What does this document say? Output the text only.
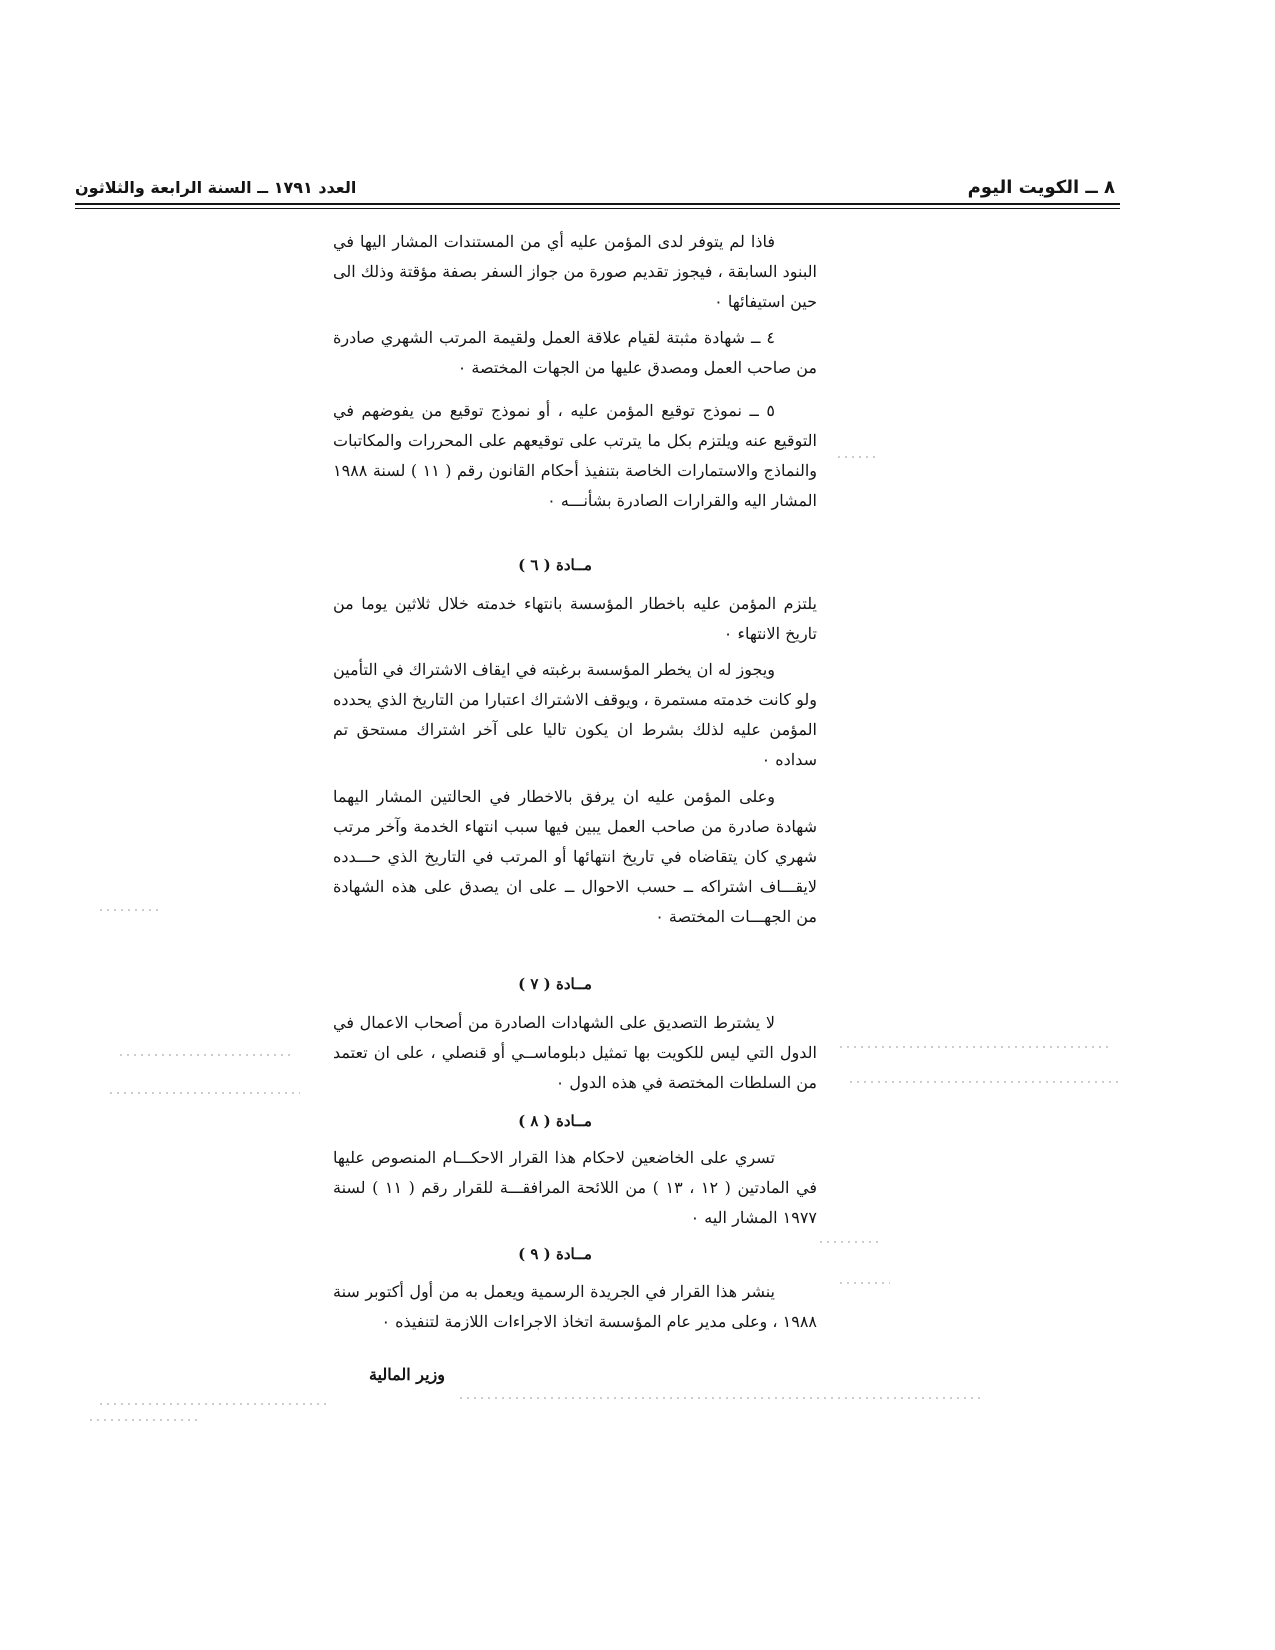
٨ ــ الكويت اليوم
العدد ١٧٩١ ــ السنة الرابعة والثلاثون

فاذا لم يتوفر لدى المؤمن عليه أي من المستندات المشار اليها في البنود السابقة ، فيجوز تقديم صورة من جواز السفر بصفة مؤقتة وذلك الى حين استيفائها ٠

٤ ــ شهادة مثبتة لقيام علاقة العمل ولقيمة المرتب الشهري صادرة من صاحب العمل ومصدق عليها من الجهات المختصة ٠

٥ ــ نموذج توقيع المؤمن عليه ، أو نموذج توقيع من يفوضهم في التوقيع عنه ويلتزم بكل ما يترتب على توقيعهم على المحررات والمكاتبات والنماذج والاستمارات الخاصة بتنفيذ أحكام القانون رقم ( ١١ ) لسنة ١٩٨٨ المشار اليه والقرارات الصادرة بشأنـــه ٠

مــادة ( ٦ )

يلتزم المؤمن عليه باخطار المؤسسة بانتهاء خدمته خلال ثلاثين يوما من تاريخ الانتهاء ٠

ويجوز له ان يخطر المؤسسة برغبته في ايقاف الاشتراك في التأمين ولو كانت خدمته مستمرة ، ويوقف الاشتراك اعتبارا من التاريخ الذي يحدده المؤمن عليه لذلك بشرط ان يكون تاليا على آخر اشتراك مستحق تم سداده ٠

وعلى المؤمن عليه ان يرفق بالاخطار في الحالتين المشار اليهما شهادة صادرة من صاحب العمل يبين فيها سبب انتهاء الخدمة وآخر مرتب شهري كان يتقاضاه في تاريخ انتهائها أو المرتب في التاريخ الذي حـــدده لايقـــاف اشتراكه ــ حسب الاحوال ــ على ان يصدق على هذه الشهادة من الجهـــات المختصة ٠

مــادة ( ٧ )

لا يشترط التصديق على الشهادات الصادرة من أصحاب الاعمال في الدول التي ليس للكويت بها تمثيل دبلوماســي أو قنصلي ، على ان تعتمد من السلطات المختصة في هذه الدول ٠

مــادة ( ٨ )

تسري على الخاضعين لاحكام هذا القرار الاحكـــام المنصوص عليها في المادتين ( ١٢ ، ١٣ ) من اللائحة المرافقـــة للقرار رقم ( ١١ ) لسنة ١٩٧٧ المشار اليه ٠

مــادة ( ٩ )

ينشر هذا القرار في الجريدة الرسمية ويعمل به من أول أكتوبر سنة ١٩٨٨ ، وعلى مدير عام المؤسسة اتخاذ الاجراءات اللازمة لتنفيذه ٠

وزير المالية
